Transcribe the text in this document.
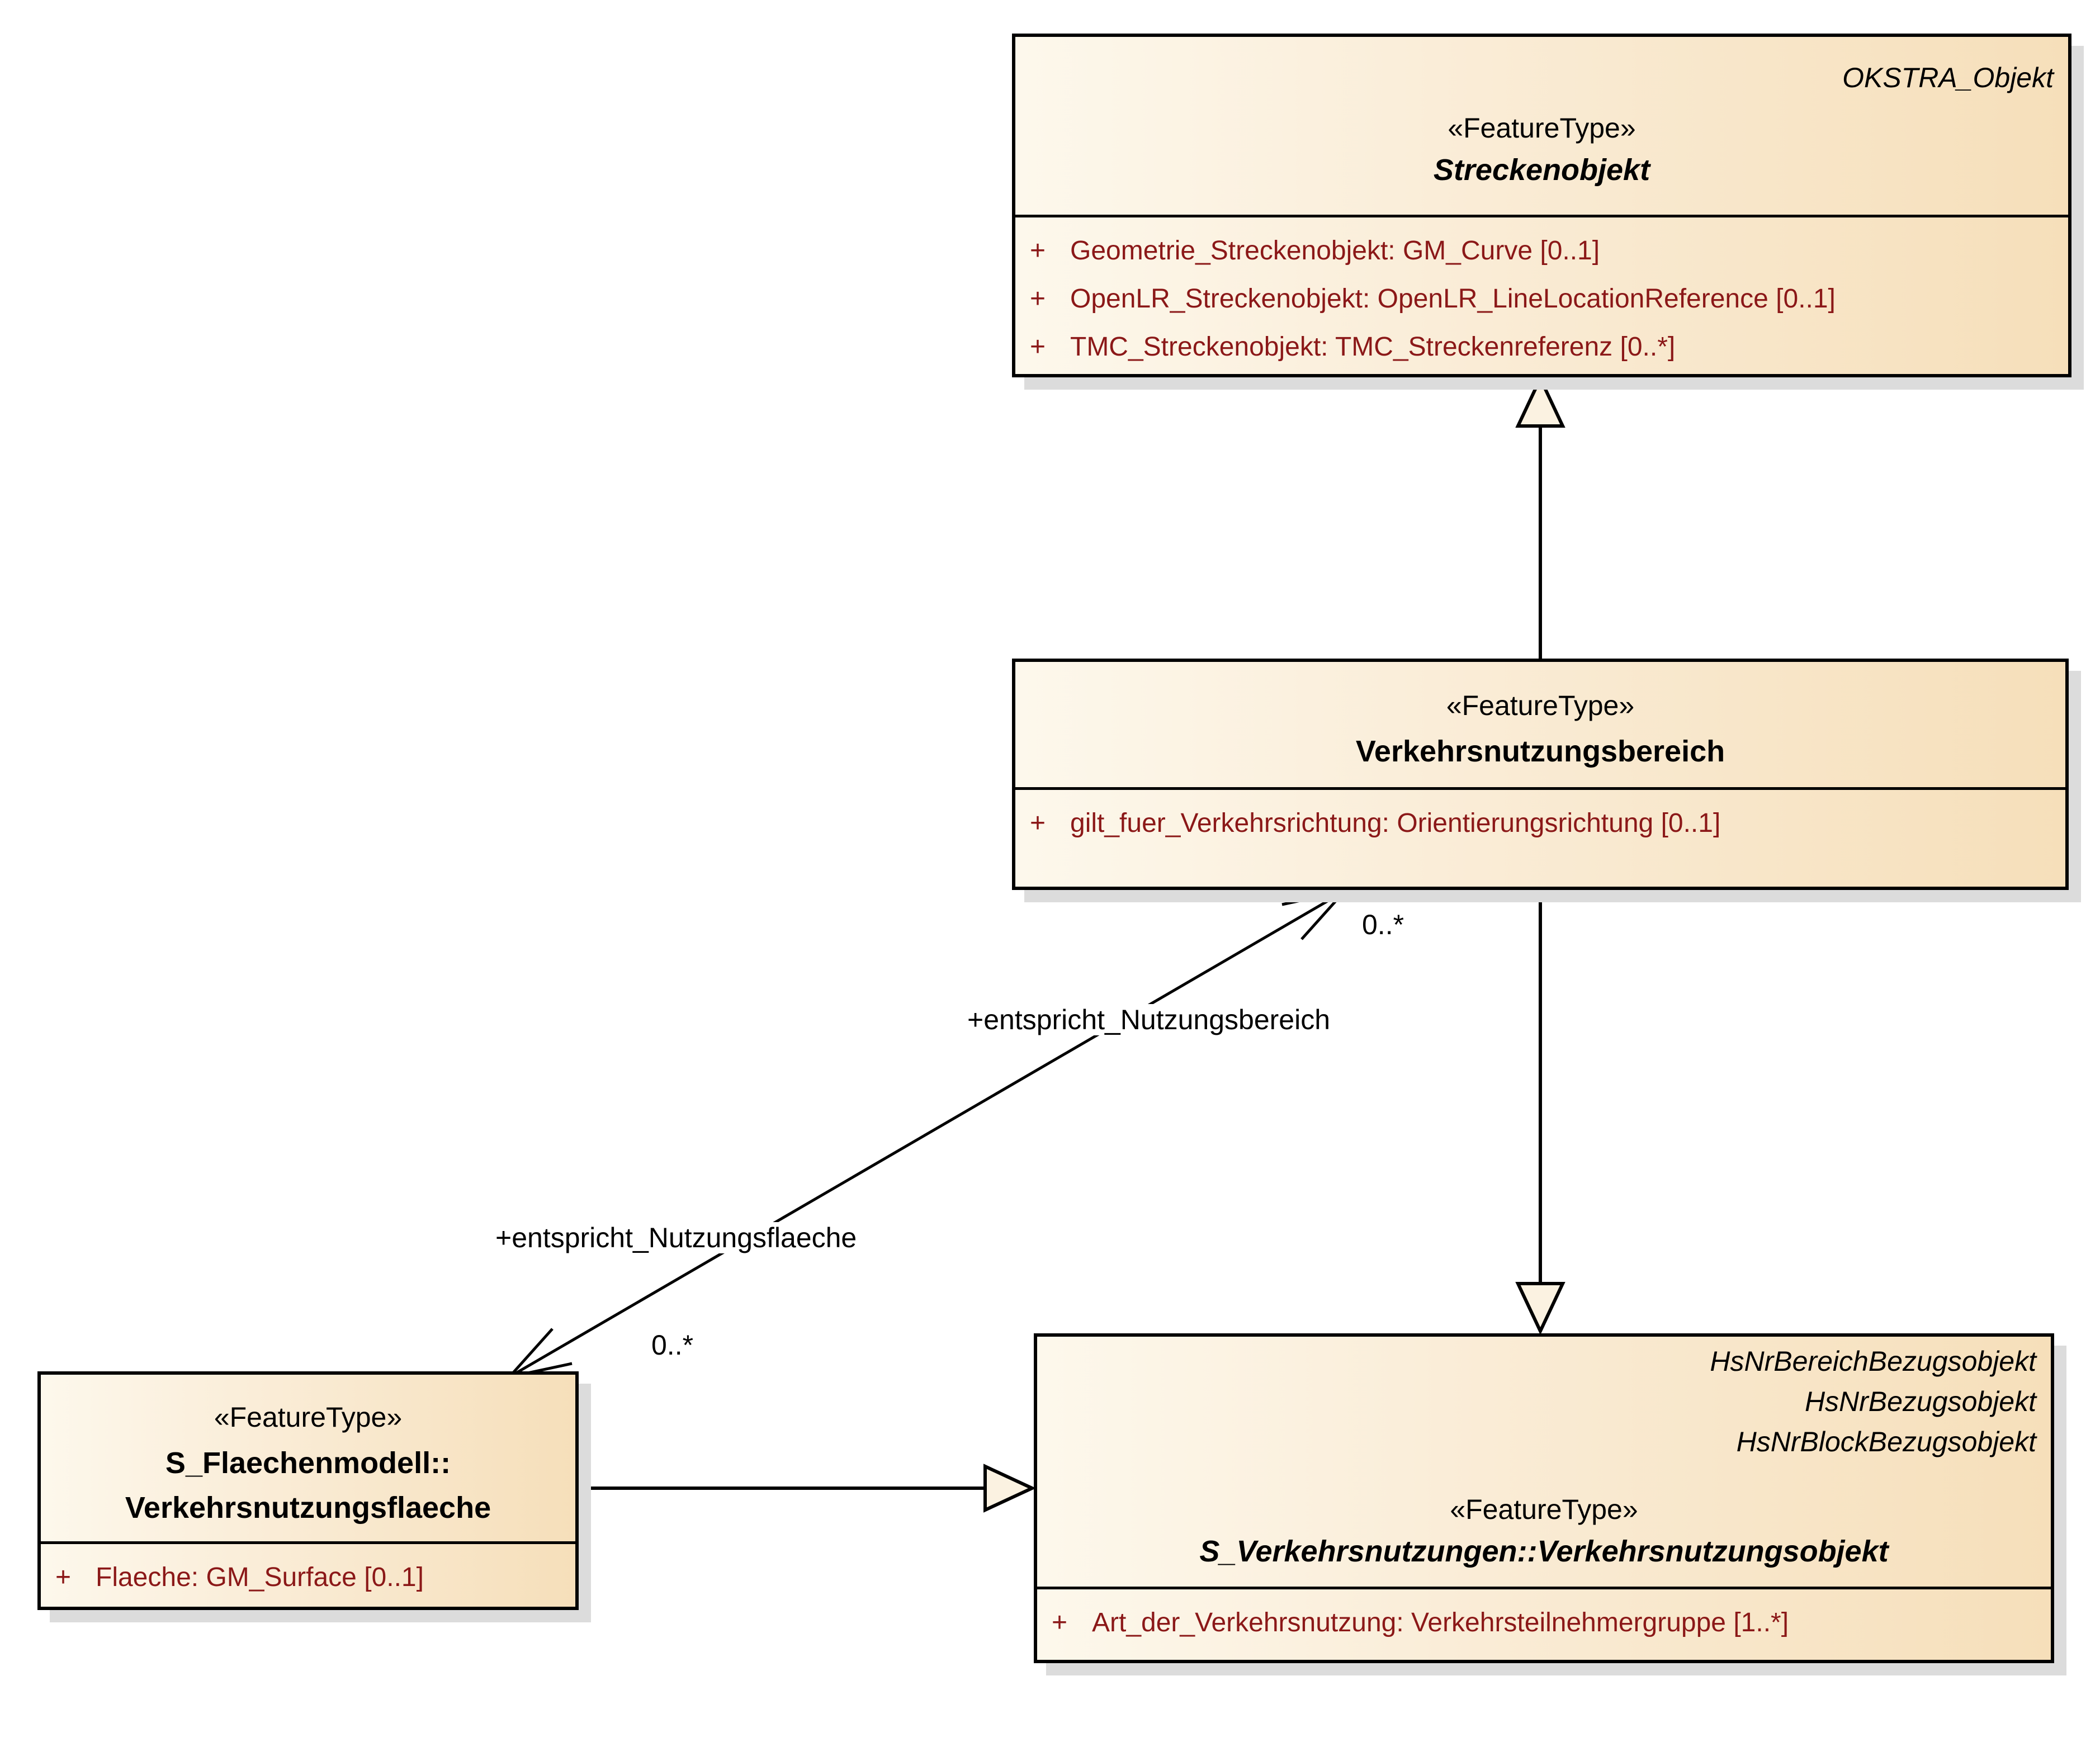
+entspricht_Nutzungsbereich
0..*
+entspricht_Nutzungsflaeche
0..*
OKSTRA_Objekt
«FeatureType»
Streckenobjekt
+ Geometrie_Streckenobjekt: GM_Curve [0..1]
+ OpenLR_Streckenobjekt: OpenLR_LineLocationReference [0..1]
+ TMC_Streckenobjekt: TMC_Streckenreferenz [0..*]
«FeatureType»
Verkehrsnutzungsbereich
+ gilt_fuer_Verkehrsrichtung: Orientierungsrichtung [0..1]
«FeatureType»
S_Flaechenmodell::
Verkehrsnutzungsflaeche
+ Flaeche: GM_Surface [0..1]
HsNrBereichBezugsobjekt
HsNrBezugsobjekt
HsNrBlockBezugsobjekt
«FeatureType»
S_Verkehrsnutzungen::Verkehrsnutzungsobjekt
+ Art_der_Verkehrsnutzung: Verkehrsteilnehmergruppe [1..*]
